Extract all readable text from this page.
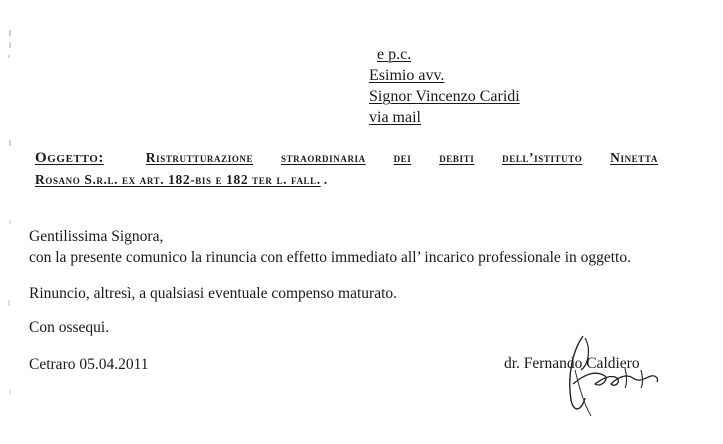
e p.c.
Esimio avv.
Signor Vincenzo Caridi
via mail
Oggetto:	Ristrutturazione straordinaria dei debiti dell’istituto Ninetta
Rosano S.r.l. ex art. 182-bis e 182 ter l. fall. .
Gentilissima Signora,
con la presente comunico la rinuncia con effetto immediato all’ incarico professionale in oggetto.
Rinuncio, altresì, a qualsiasi eventuale compenso maturato.
Con ossequi.
Cetraro 05.04.2011	dr. Fernando Caldiero
